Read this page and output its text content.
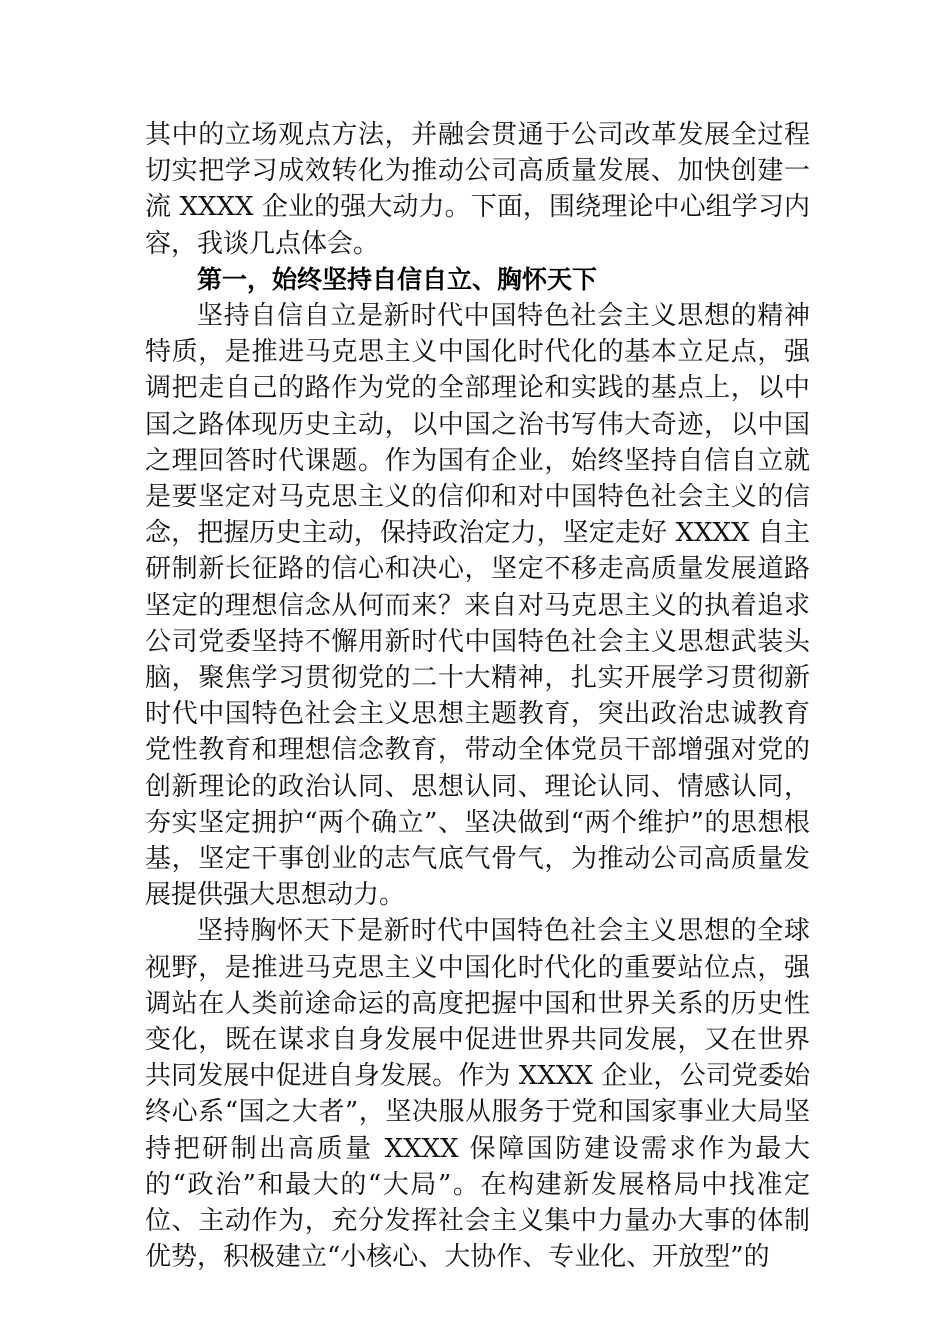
其中的立场观点方法，并融会贯通于公司改革发展全过程切实把学习成效转化为推动公司高质量发展、加快创建一流 XXXX 企业的强大动力。下面，围绕理论中心组学习内容，我谈几点体会。

第一，始终坚持自信自立、胸怀天下

坚持自信自立是新时代中国特色社会主义思想的精神特质，是推进马克思主义中国化时代化的基本立足点，强调把走自己的路作为党的全部理论和实践的基点上，以中国之路体现历史主动，以中国之治书写伟大奇迹，以中国之理回答时代课题。作为国有企业，始终坚持自信自立就是要坚定对马克思主义的信仰和对中国特色社会主义的信念，把握历史主动，保持政治定力，坚定走好 XXXX 自主研制新长征路的信心和决心，坚定不移走高质量发展道路坚定的理想信念从何而来？来自对马克思主义的执着追求公司党委坚持不懈用新时代中国特色社会主义思想武装头脑，聚焦学习贯彻党的二十大精神，扎实开展学习贯彻新时代中国特色社会主义思想主题教育，突出政治忠诚教育党性教育和理想信念教育，带动全体党员干部增强对党的创新理论的政治认同、思想认同、理论认同、情感认同，夯实坚定拥护“两个确立”、坚决做到“两个维护”的思想根基，坚定干事创业的志气底气骨气，为推动公司高质量发展提供强大思想动力。

坚持胸怀天下是新时代中国特色社会主义思想的全球视野，是推进马克思主义中国化时代化的重要站位点，强调站在人类前途命运的高度把握中国和世界关系的历史性变化，既在谋求自身发展中促进世界共同发展，又在世界共同发展中促进自身发展。作为 XXXX 企业，公司党委始终心系“国之大者”，坚决服从服务于党和国家事业大局坚持把研制出高质量 XXXX 保障国防建设需求作为最大的“政治”和最大的“大局”。在构建新发展格局中找准定位、主动作为，充分发挥社会主义集中力量办大事的体制优势，积极建立“小核心、大协作、专业化、开放型”的
